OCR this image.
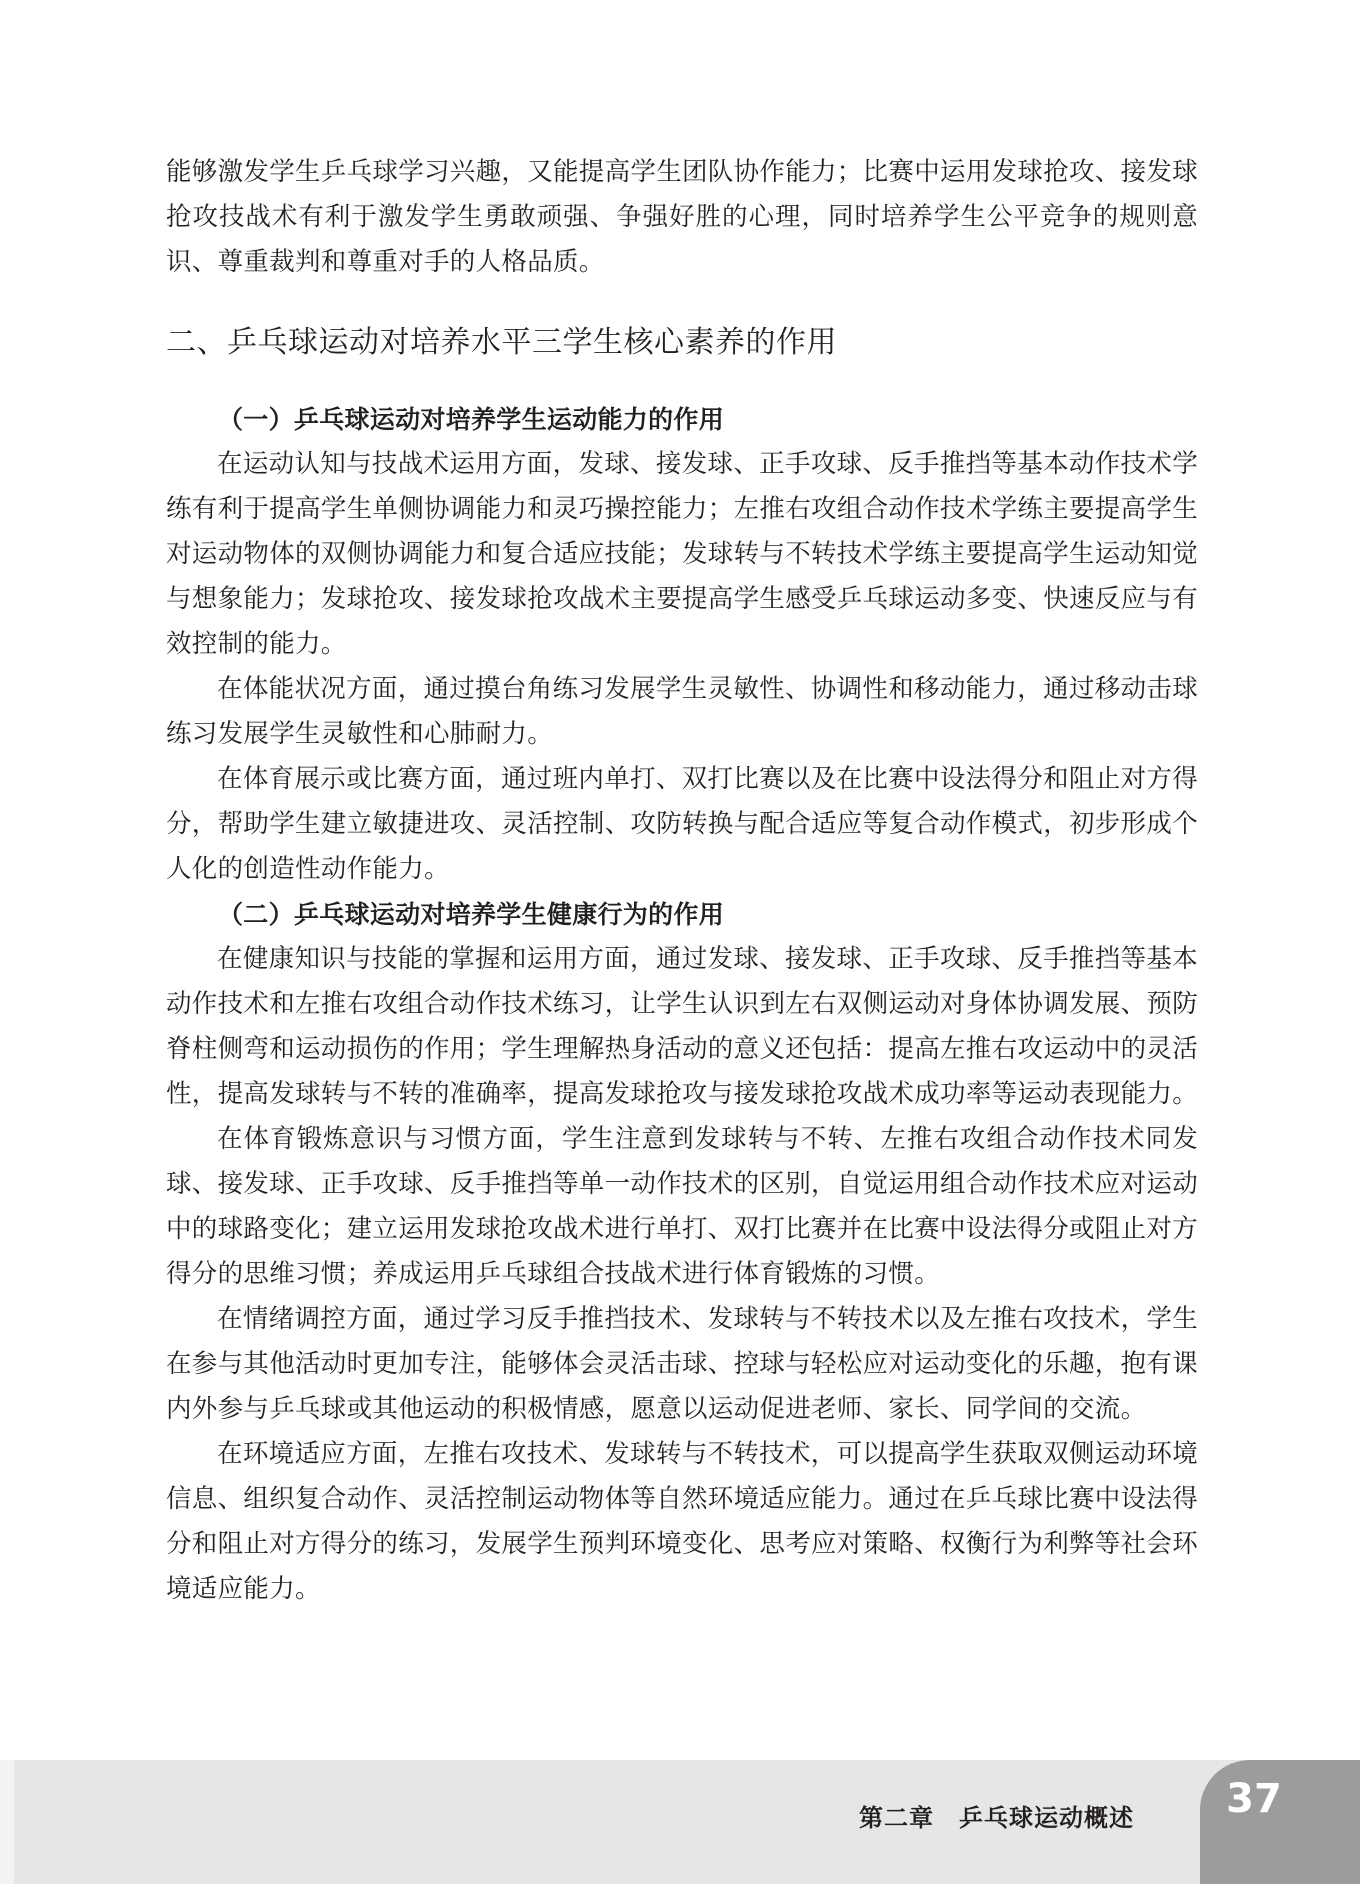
能够激发学生乒乓球学习兴趣，又能提高学生团队协作能力；比赛中运用发球抢攻、接发球抢攻技战术有利于激发学生勇敢顽强、争强好胜的心理，同时培养学生公平竞争的规则意识、尊重裁判和尊重对手的人格品质。

二、乒乓球运动对培养水平三学生核心素养的作用
（一）乒乓球运动对培养学生运动能力的作用

在运动认知与技战术运用方面，发球、接发球、正手攻球、反手推挡等基本动作技术学练有利于提高学生单侧协调能力和灵巧操控能力；左推右攻组合动作技术学练主要提高学生对运动物体的双侧协调能力和复合适应技能；发球转与不转技术学练主要提高学生运动知觉与想象能力；发球抢攻、接发球抢攻战术主要提高学生感受乒乓球运动多变、快速反应与有效控制的能力。

在体能状况方面，通过摸台角练习发展学生灵敏性、协调性和移动能力，通过移动击球练习发展学生灵敏性和心肺耐力。

在体育展示或比赛方面，通过班内单打、双打比赛以及在比赛中设法得分和阻止对方得分，帮助学生建立敏捷进攻、灵活控制、攻防转换与配合适应等复合动作模式，初步形成个人化的创造性动作能力。

（二）乒乓球运动对培养学生健康行为的作用

在健康知识与技能的掌握和运用方面，通过发球、接发球、正手攻球、反手推挡等基本动作技术和左推右攻组合动作技术练习，让学生认识到左右双侧运动对身体协调发展、预防脊柱侧弯和运动损伤的作用；学生理解热身活动的意义还包括：提高左推右攻运动中的灵活性，提高发球转与不转的准确率，提高发球抢攻与接发球抢攻战术成功率等运动表现能力。

在体育锻炼意识与习惯方面，学生注意到发球转与不转、左推右攻组合动作技术同发球、接发球、正手攻球、反手推挡等单一动作技术的区别，自觉运用组合动作技术应对运动中的球路变化；建立运用发球抢攻战术进行单打、双打比赛并在比赛中设法得分或阻止对方得分的思维习惯；养成运用乒乓球组合技战术进行体育锻炼的习惯。

在情绪调控方面，通过学习反手推挡技术、发球转与不转技术以及左推右攻技术，学生在参与其他活动时更加专注，能够体会灵活击球、控球与轻松应对运动变化的乐趣，抱有课内外参与乒乓球或其他运动的积极情感，愿意以运动促进老师、家长、同学间的交流。

在环境适应方面，左推右攻技术、发球转与不转技术，可以提高学生获取双侧运动环境信息、组织复合动作、灵活控制运动物体等自然环境适应能力。通过在乒乓球比赛中设法得分和阻止对方得分的练习，发展学生预判环境变化、思考应对策略、权衡行为利弊等社会环境适应能力。

第二章　乒乓球运动概述	37
